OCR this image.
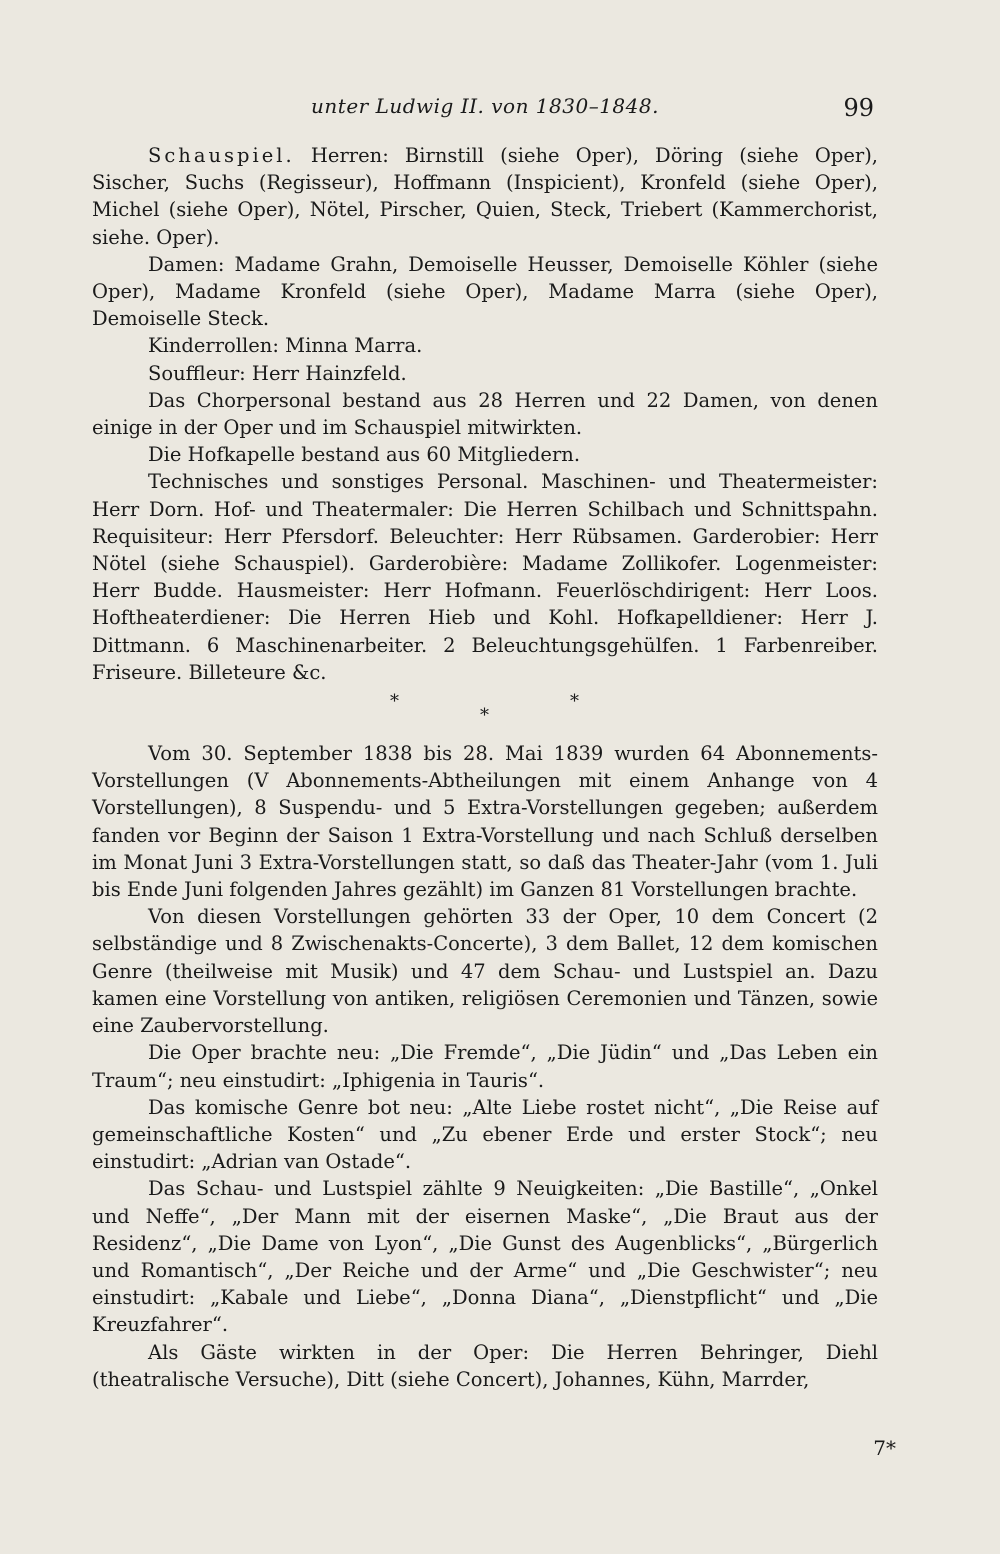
unter Ludwig II. von 1830–1848.	99

Schauspiel. Herren: Birnstill (siehe Oper), Döring (siehe Oper), Sischer, Suchs (Regisseur), Hoffmann (Inspicient), Kronfeld (siehe Oper), Michel (siehe Oper), Nötel, Pirscher, Quien, Steck, Triebert (Kammerchorist, siehe. Oper).

Damen: Madame Grahn, Demoiselle Heusser, Demoiselle Köhler (siehe Oper), Madame Kronfeld (siehe Oper), Madame Marra (siehe Oper), Demoiselle Steck.

Kinderrollen: Minna Marra.

Souffleur: Herr Hainzfeld.

Das Chorpersonal bestand aus 28 Herren und 22 Damen, von denen einige in der Oper und im Schauspiel mitwirkten.

Die Hofkapelle bestand aus 60 Mitgliedern.

Technisches und sonstiges Personal. Maschinen- und Theatermeister: Herr Dorn. Hof- und Theatermaler: Die Herren Schilbach und Schnittspahn. Requisiteur: Herr Pfersdorf. Beleuchter: Herr Rübsamen. Garderobier: Herr Nötel (siehe Schauspiel). Garderobière: Madame Zollikofer. Logenmeister: Herr Budde. Hausmeister: Herr Hofmann. Feuerlöschdirigent: Herr Loos. Hoftheaterdiener: Die Herren Hieb und Kohl. Hofkapelldiener: Herr J. Dittmann. 6 Maschinenarbeiter. 2 Beleuchtungsgehülfen. 1 Farbenreiber. Friseure. Billeteure &c.

*	*
*

Vom 30. September 1838 bis 28. Mai 1839 wurden 64 Abonnements-Vorstellungen (V Abonnements-Abtheilungen mit einem Anhange von 4 Vorstellungen), 8 Suspendu- und 5 Extra-Vorstellungen gegeben; außerdem fanden vor Beginn der Saison 1 Extra-Vorstellung und nach Schluß derselben im Monat Juni 3 Extra-Vorstellungen statt, so daß das Theater-Jahr (vom 1. Juli bis Ende Juni folgenden Jahres gezählt) im Ganzen 81 Vorstellungen brachte.

Von diesen Vorstellungen gehörten 33 der Oper, 10 dem Concert (2 selbständige und 8 Zwischenakts-Concerte), 3 dem Ballet, 12 dem komischen Genre (theilweise mit Musik) und 47 dem Schau- und Lustspiel an. Dazu kamen eine Vorstellung von antiken, religiösen Ceremonien und Tänzen, sowie eine Zaubervorstellung.

Die Oper brachte neu: „Die Fremde“, „Die Jüdin“ und „Das Leben ein Traum“; neu einstudirt: „Iphigenia in Tauris“.

Das komische Genre bot neu: „Alte Liebe rostet nicht“, „Die Reise auf gemeinschaftliche Kosten“ und „Zu ebener Erde und erster Stock“; neu einstudirt: „Adrian van Ostade“.

Das Schau- und Lustspiel zählte 9 Neuigkeiten: „Die Bastille“, „Onkel und Neffe“, „Der Mann mit der eisernen Maske“, „Die Braut aus der Residenz“, „Die Dame von Lyon“, „Die Gunst des Augenblicks“, „Bürgerlich und Romantisch“, „Der Reiche und der Arme“ und „Die Geschwister“; neu einstudirt: „Kabale und Liebe“, „Donna Diana“, „Dienstpflicht“ und „Die Kreuzfahrer“.

Als Gäste wirkten in der Oper: Die Herren Behringer, Diehl (theatralische Versuche), Ditt (siehe Concert), Johannes, Kühn, Marrder,

7*
